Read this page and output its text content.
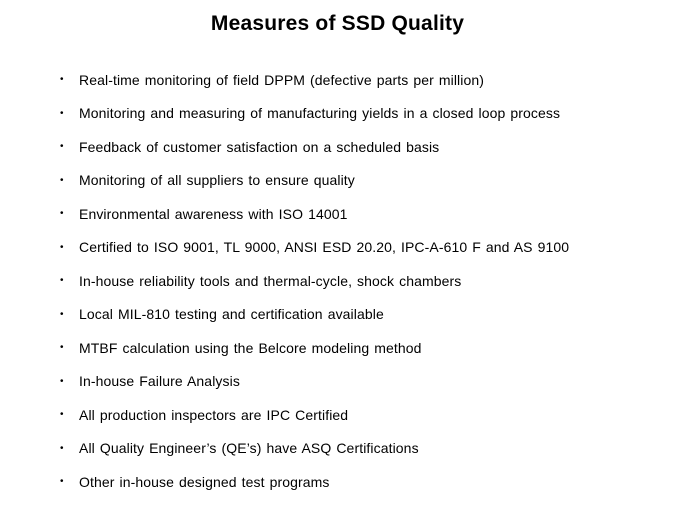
Measures of SSD Quality
•	Real-time monitoring of field DPPM (defective parts per million)
•	Monitoring and measuring of manufacturing yields in a closed loop process
•	Feedback of customer satisfaction on a scheduled basis
•	Monitoring of all suppliers to ensure quality
•	Environmental awareness with ISO 14001
•	Certified to ISO 9001, TL 9000, ANSI ESD 20.20, IPC-A-610 F and AS 9100
•	In-house reliability tools and thermal-cycle, shock chambers
•	Local MIL-810 testing and certification available
•	MTBF calculation using the Belcore modeling method
•	In-house Failure Analysis
•	All production inspectors are IPC Certified
•	All Quality Engineer’s (QE’s) have ASQ Certifications
•	Other in-house designed test programs
